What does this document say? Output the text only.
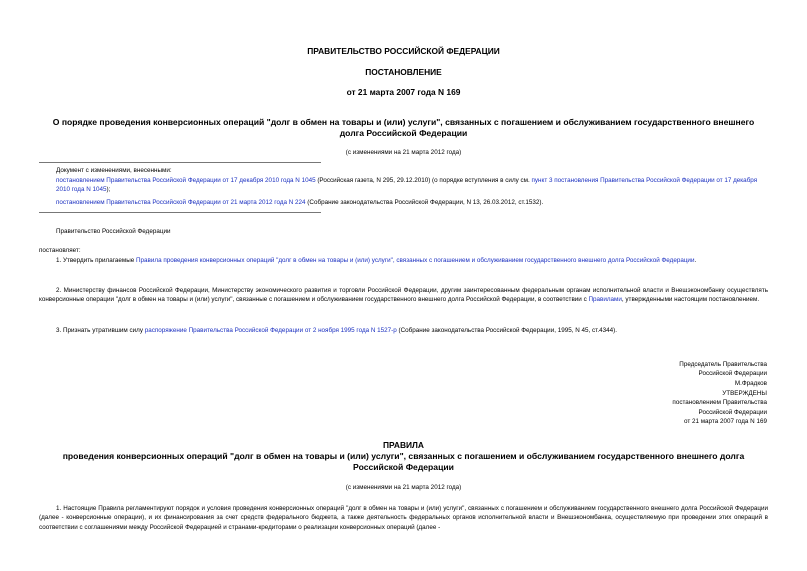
ПРАВИТЕЛЬСТВО РОССИЙСКОЙ ФЕДЕРАЦИИ
ПОСТАНОВЛЕНИЕ
от 21 марта 2007 года N 169
О порядке проведения конверсионных операций "долг в обмен на товары и (или) услуги", связанных с погашением и обслуживанием государственного внешнего долга Российской Федерации
(с изменениями на 21 марта 2012 года)
Документ с изменениями, внесенными:
постановлением Правительства Российской Федерации от 17 декабря 2010 года N 1045 (Российская газета, N 295, 29.12.2010) (о порядке вступления в силу см. пункт 3 постановления Правительства Российской Федерации от 17 декабря 2010 года N 1045);
постановлением Правительства Российской Федерации от 21 марта 2012 года N 224 (Собрание законодательства Российской Федерации, N 13, 26.03.2012, ст.1532).
Правительство Российской Федерации
постановляет:
1. Утвердить прилагаемые Правила проведения конверсионных операций "долг в обмен на товары и (или) услуги", связанных с погашением и обслуживанием государственного внешнего долга Российской Федерации.
2. Министерству финансов Российской Федерации, Министерству экономического развития и торговли Российской Федерации, другим заинтересованным федеральным органам исполнительной власти и Внешэкономбанку осуществлять конверсионные операции "долг в обмен на товары и (или) услуги", связанные с погашением и обслуживанием государственного внешнего долга Российской Федерации, в соответствии с Правилами, утвержденными настоящим постановлением.
3. Признать утратившим силу распоряжение Правительства Российской Федерации от 2 ноября 1995 года N 1527-р (Собрание законодательства Российской Федерации, 1995, N 45, ст.4344).
Председатель Правительства
Российской Федерации
М.Фрадков
УТВЕРЖДЕНЫ
постановлением Правительства
Российской Федерации
от 21 марта 2007 года N 169
ПРАВИЛА
проведения конверсионных операций "долг в обмен на товары и (или) услуги", связанных с погашением и обслуживанием государственного внешнего долга Российской Федерации
(с изменениями на 21 марта 2012 года)
1. Настоящие Правила регламентируют порядок и условия проведения конверсионных операций "долг в обмен на товары и (или) услуги", связанных с погашением и обслуживанием государственного внешнего долга Российской Федерации (далее - конверсионные операции), и их финансирования за счет средств федерального бюджета, а также деятельность федеральных органов исполнительной власти и Внешэкономбанка, осуществляемую при проведении этих операций в соответствии с соглашениями между Российской Федерацией и странами-кредиторами о реализации конверсионных операций (далее -
